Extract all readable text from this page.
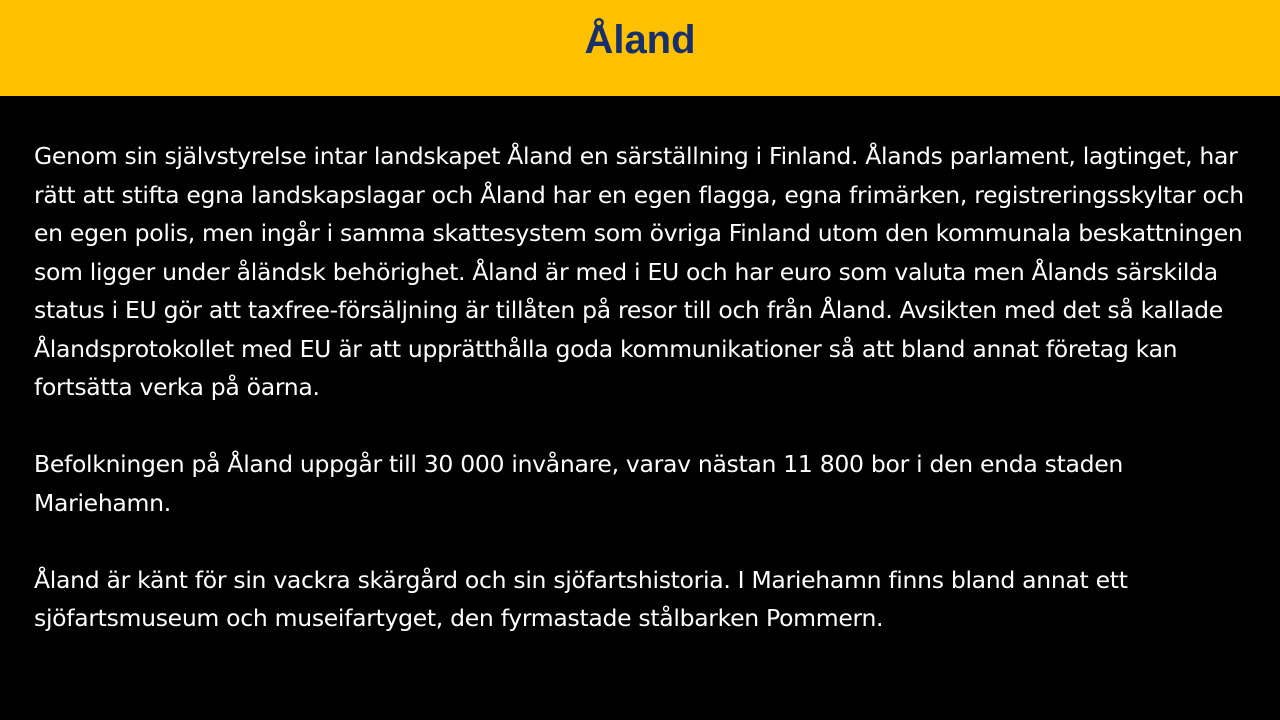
Åland

Genom sin självstyrelse intar landskapet Åland en särställning i Finland. Ålands parlament, lagtinget, har rätt att stifta egna landskapslagar och Åland har en egen flagga, egna frimärken, registreringsskyltar och en egen polis, men ingår i samma skattesystem som övriga Finland utom den kommunala beskattningen som ligger under åländsk behörighet. Åland är med i EU och har euro som valuta men Ålands särskilda status i EU gör att taxfree-försäljning är tillåten på resor till och från Åland. Avsikten med det så kallade Ålandsprotokollet med EU är att upprätthålla goda kommunikationer så att bland annat företag kan fortsätta verka på öarna.

Befolkningen på Åland uppgår till 30 000 invånare, varav nästan 11 800 bor i den enda staden Mariehamn.

Åland är känt för sin vackra skärgård och sin sjöfartshistoria. I Mariehamn finns bland annat ett sjöfartsmuseum och museifartyget, den fyrmastade stålbarken Pommern.
